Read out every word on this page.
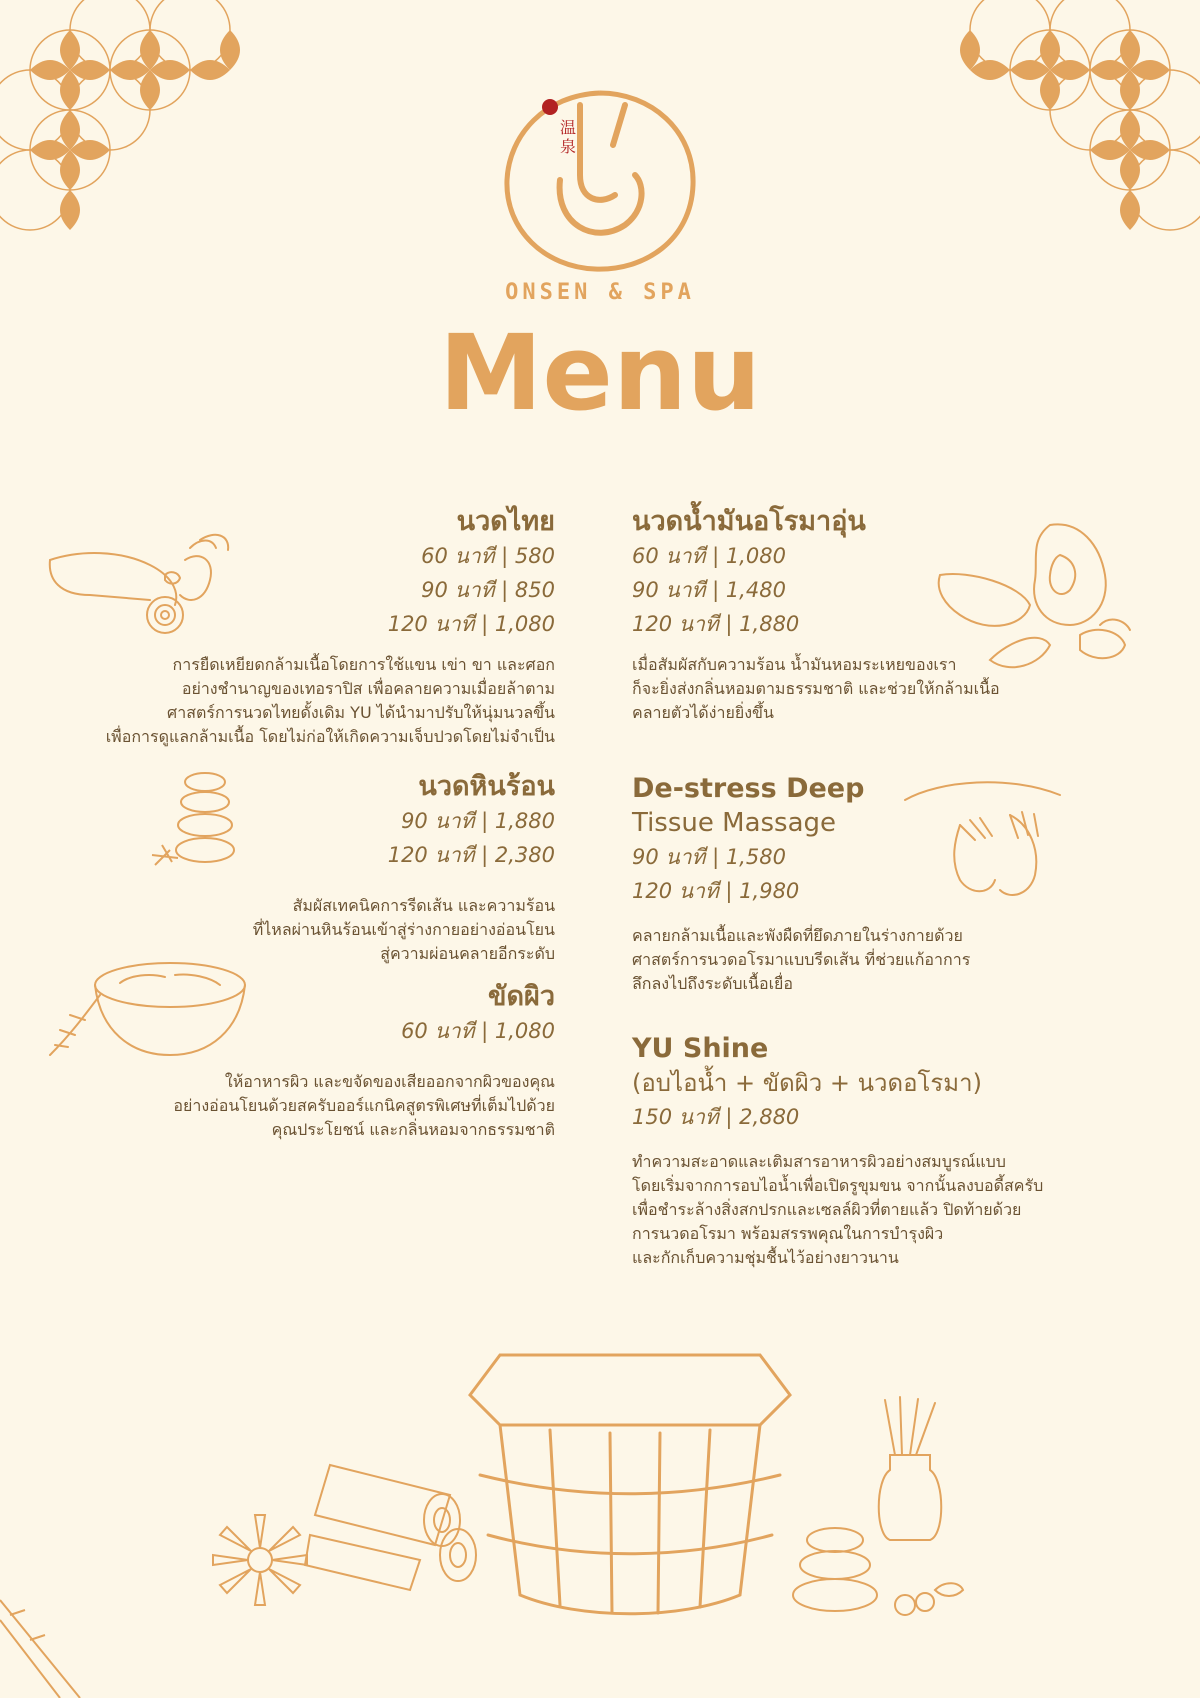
温泉
ONSEN & SPA
Menu
นวดไทย
60 นาที | 580
90 นาที | 850
120 นาที | 1,080
การยืดเหยียดกล้ามเนื้อโดยการใช้แขน เข่า ขา และศอก
อย่างชำนาญของเทอราปิส เพื่อคลายความเมื่อยล้าตาม
ศาสตร์การนวดไทยดั้งเดิม YU ได้นำมาปรับให้นุ่มนวลขึ้น
เพื่อการดูแลกล้ามเนื้อ โดยไม่ก่อให้เกิดความเจ็บปวดโดยไม่จำเป็น
นวดหินร้อน
90 นาที | 1,880
120 นาที | 2,380
สัมผัสเทคนิคการรีดเส้น และความร้อน
ที่ไหลผ่านหินร้อนเข้าสู่ร่างกายอย่างอ่อนโยน
สู่ความผ่อนคลายอีกระดับ
ขัดผิว
60 นาที | 1,080
ให้อาหารผิว และขจัดของเสียออกจากผิวของคุณ
อย่างอ่อนโยนด้วยสครับออร์แกนิคสูตรพิเศษที่เต็มไปด้วย
คุณประโยชน์ และกลิ่นหอมจากธรรมชาติ
นวดน้ำมันอโรมาอุ่น
60 นาที | 1,080
90 นาที | 1,480
120 นาที | 1,880
เมื่อสัมผัสกับความร้อน น้ำมันหอมระเหยของเรา
ก็จะยิ่งส่งกลิ่นหอมตามธรรมชาติ และช่วยให้กล้ามเนื้อ
คลายตัวได้ง่ายยิ่งขึ้น
De-stress Deep
Tissue Massage
90 นาที | 1,580
120 นาที | 1,980
คลายกล้ามเนื้อและพังผืดที่ยึดภายในร่างกายด้วย
ศาสตร์การนวดอโรมาแบบรีดเส้น ที่ช่วยแก้อาการ
ลึกลงไปถึงระดับเนื้อเยื่อ
YU Shine
(อบไอน้ำ + ขัดผิว + นวดอโรมา)
150 นาที | 2,880
ทำความสะอาดและเติมสารอาหารผิวอย่างสมบูรณ์แบบ
โดยเริ่มจากการอบไอน้ำเพื่อเปิดรูขุมขน จากนั้นลงบอดี้สครับ
เพื่อชำระล้างสิ่งสกปรกและเซลล์ผิวที่ตายแล้ว ปิดท้ายด้วย
การนวดอโรมา พร้อมสรรพคุณในการบำรุงผิว
และกักเก็บความชุ่มชื้นไว้อย่างยาวนาน
